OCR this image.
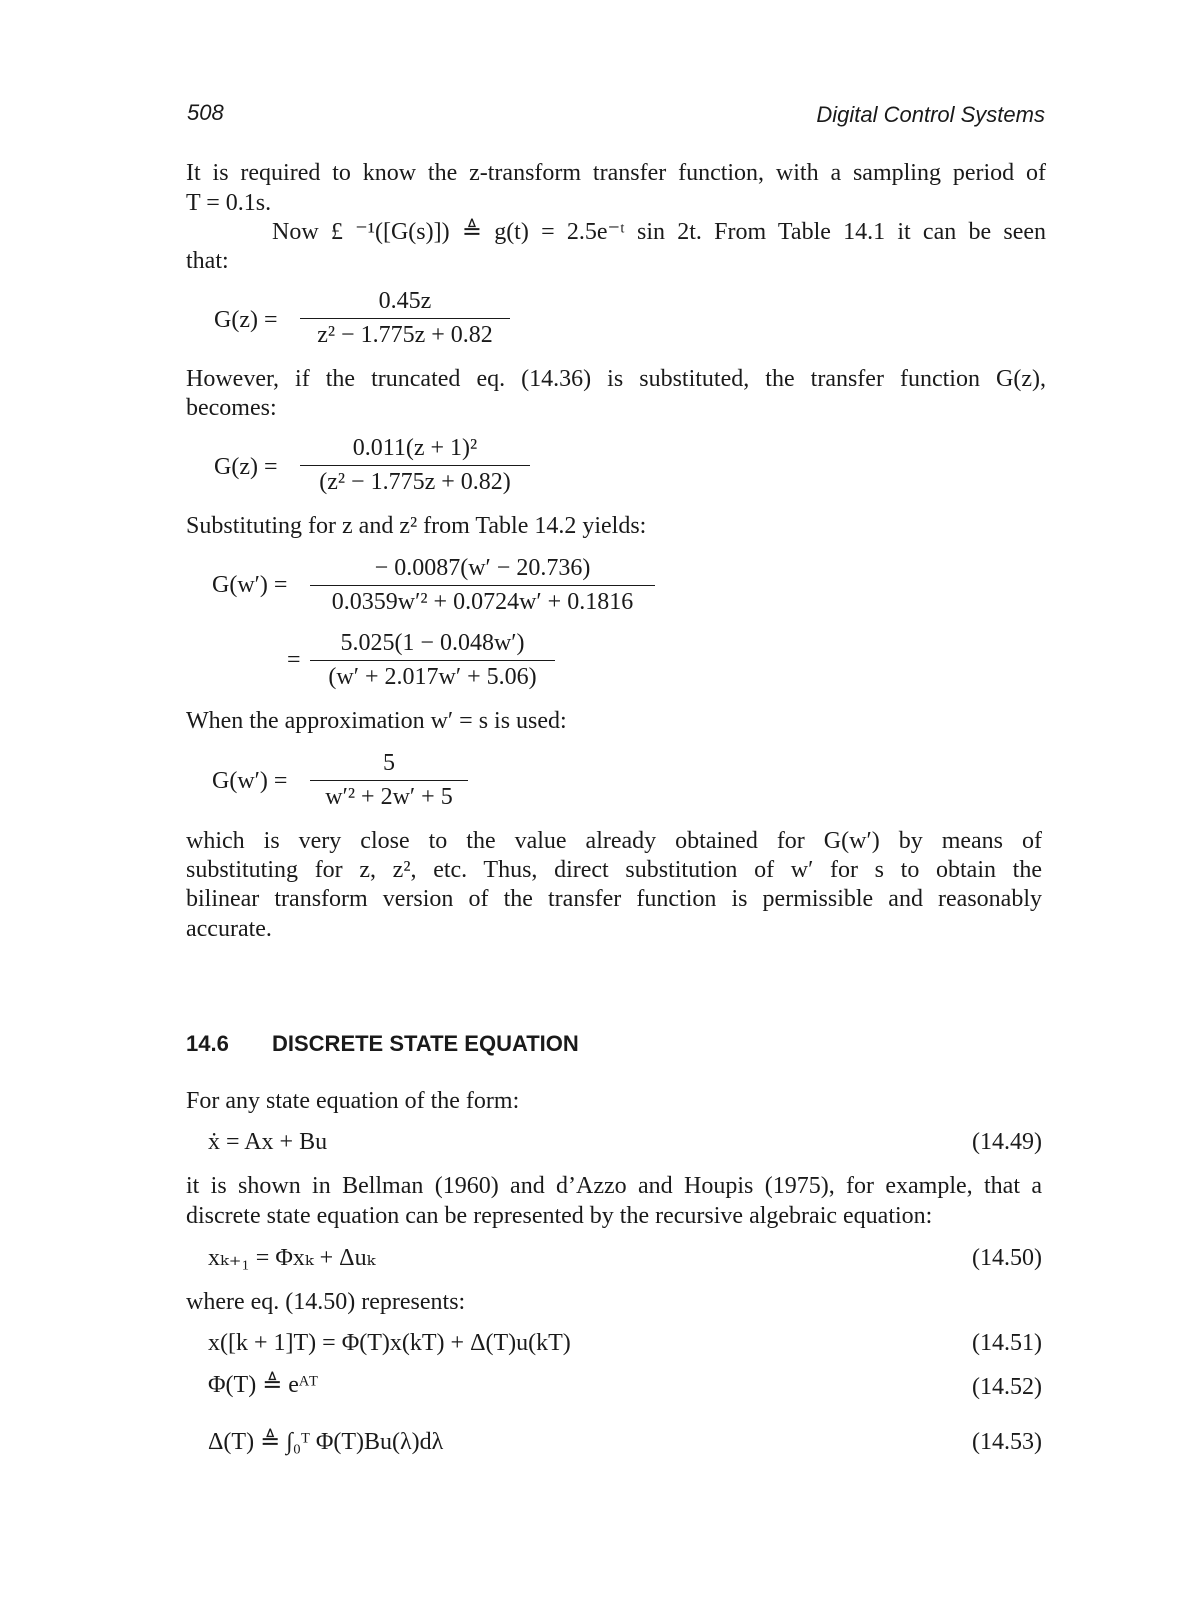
508	Digital Control Systems
It is required to know the z-transform transfer function, with a sampling period of
T = 0.1s.
Now £ ⁻¹([G(s)]) ≜ g(t) = 2.5e⁻ᵗ sin 2t. From Table 14.1 it can be seen
that:
G(z) =
0.45z
z² − 1.775z + 0.82
However, if the truncated eq. (14.36) is substituted, the transfer function G(z),
becomes:
G(z) =
0.011(z + 1)²
(z² − 1.775z + 0.82)
Substituting for z and z² from Table 14.2 yields:
G(w′) =
− 0.0087(w′ − 20.736)
0.0359w′² + 0.0724w′ + 0.1816
=
5.025(1 − 0.048w′)
(w′ + 2.017w′ + 5.06)
When the approximation w′ = s is used:
G(w′) =
5
w′² + 2w′ + 5
which is very close to the value already obtained for G(w′) by means of
substituting for z, z², etc. Thus, direct substitution of w′ for s to obtain the
bilinear transform version of the transfer function is permissible and reasonably
accurate.
14.6 DISCRETE STATE EQUATION
For any state equation of the form:
ẋ = Ax + Bu	(14.49)
it is shown in Bellman (1960) and d’Azzo and Houpis (1975), for example, that a
discrete state equation can be represented by the recursive algebraic equation:
xₖ₊₁ = Φxₖ + Δuₖ	(14.50)
where eq. (14.50) represents:
x([k + 1]T) = Φ(T)x(kT) + Δ(T)u(kT)	(14.51)
Φ(T) ≜ eᴬᵀ	(14.52)
Δ(T) ≜ ∫₀ᵀ Φ(T)Bu(λ)dλ	(14.53)
